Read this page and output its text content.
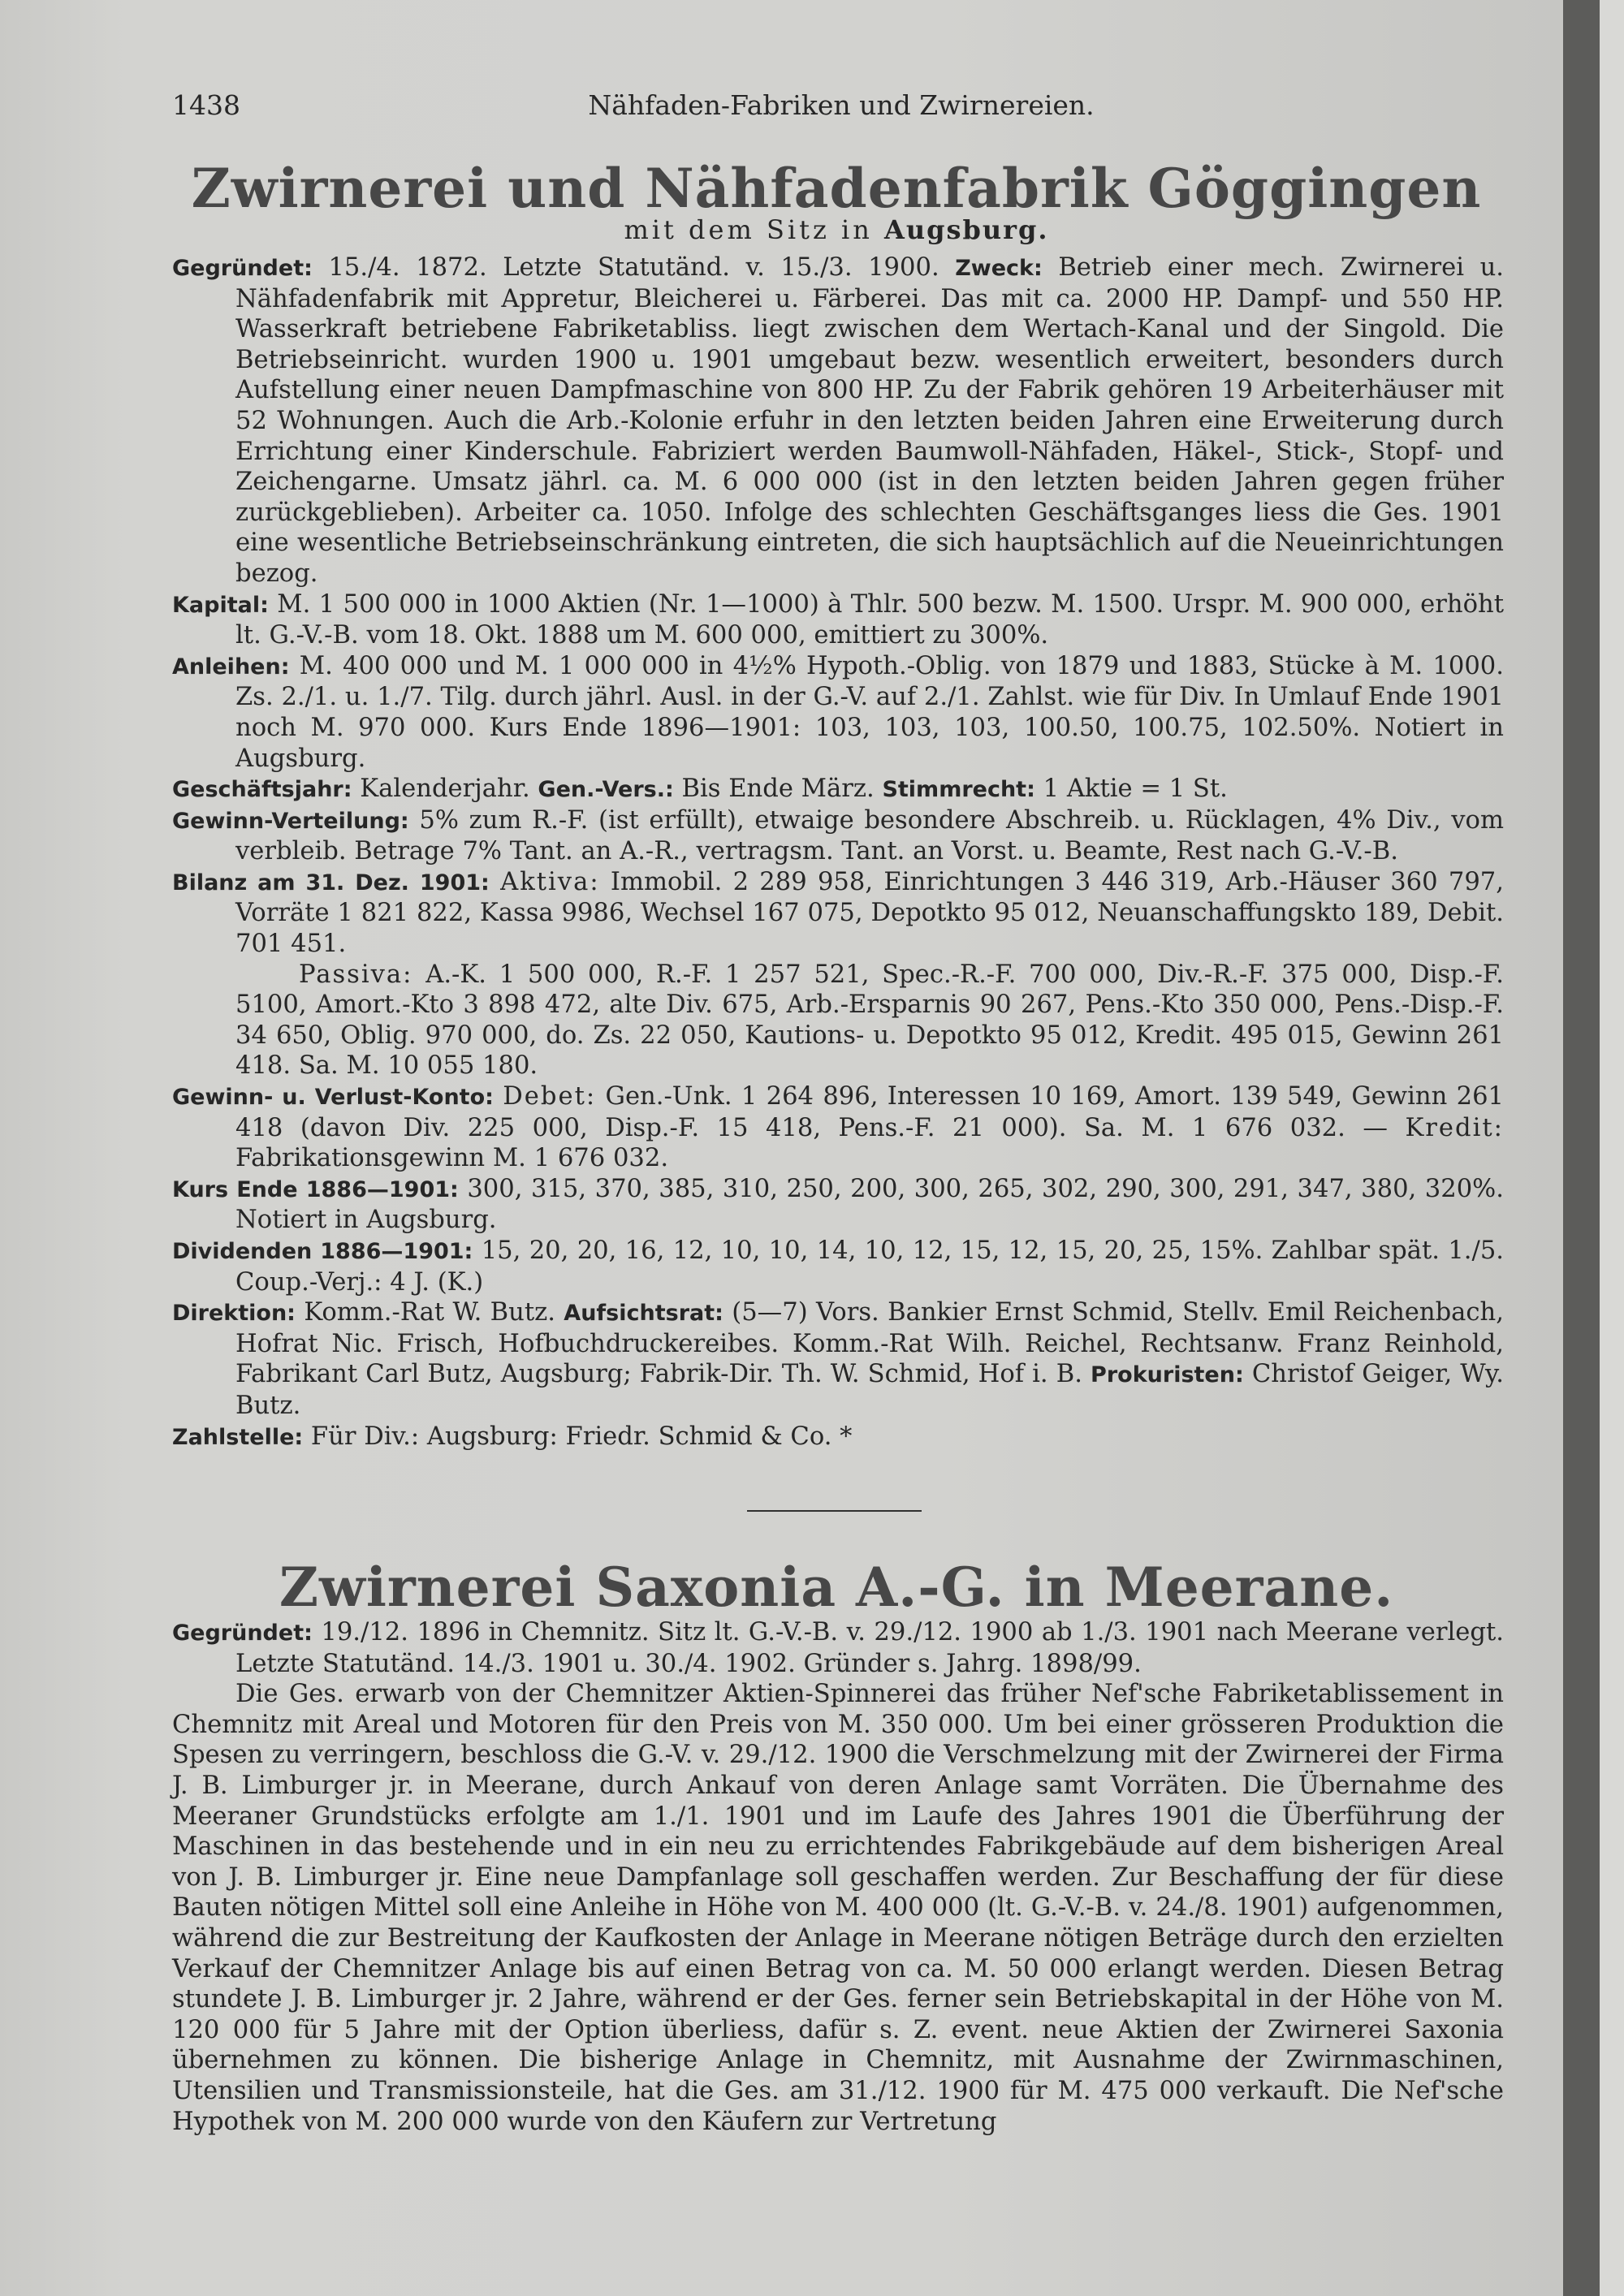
Nähfaden-Fabriken und Zwirnereien.
1438
Zwirnerei und Nähfadenfabrik Göggingen
mit dem Sitz in Augsburg.

Gegründet: 15./4. 1872. Letzte Statutänd. v. 15./3. 1900. Zweck: Betrieb einer mech. Zwirnerei u. Nähfadenfabrik mit Appretur, Bleicherei u. Färberei. Das mit ca. 2000 HP. Dampf- und 550 HP. Wasserkraft betriebene Fabriketabliss. liegt zwischen dem Wertach-Kanal und der Singold. Die Betriebseinricht. wurden 1900 u. 1901 umgebaut bezw. wesentlich erweitert, besonders durch Aufstellung einer neuen Dampfmaschine von 800 HP. Zu der Fabrik gehören 19 Arbeiterhäuser mit 52 Wohnungen. Auch die Arb.-Kolonie erfuhr in den letzten beiden Jahren eine Erweiterung durch Errichtung einer Kinderschule. Fabriziert werden Baumwoll-Nähfaden, Häkel-, Stick-, Stopf- und Zeichengarne. Umsatz jährl. ca. M. 6 000 000 (ist in den letzten beiden Jahren gegen früher zurückgeblieben). Arbeiter ca. 1050. Infolge des schlechten Geschäftsganges liess die Ges. 1901 eine wesentliche Betriebseinschränkung eintreten, die sich hauptsächlich auf die Neueinrichtungen bezog.

Kapital: M. 1 500 000 in 1000 Aktien (Nr. 1—1000) à Thlr. 500 bezw. M. 1500. Urspr. M. 900 000, erhöht lt. G.-V.-B. vom 18. Okt. 1888 um M. 600 000, emittiert zu 300%.

Anleihen: M. 400 000 und M. 1 000 000 in 4½% Hypoth.-Oblig. von 1879 und 1883, Stücke à M. 1000. Zs. 2./1. u. 1./7. Tilg. durch jährl. Ausl. in der G.-V. auf 2./1. Zahlst. wie für Div. In Umlauf Ende 1901 noch M. 970 000. Kurs Ende 1896—1901: 103, 103, 103, 100.50, 100.75, 102.50%. Notiert in Augsburg.

Geschäftsjahr: Kalenderjahr. Gen.-Vers.: Bis Ende März. Stimmrecht: 1 Aktie = 1 St.

Gewinn-Verteilung: 5% zum R.-F. (ist erfüllt), etwaige besondere Abschreib. u. Rücklagen, 4% Div., vom verbleib. Betrage 7% Tant. an A.-R., vertragsm. Tant. an Vorst. u. Beamte, Rest nach G.-V.-B.

Bilanz am 31. Dez. 1901: Aktiva: Immobil. 2 289 958, Einrichtungen 3 446 319, Arb.-Häuser 360 797, Vorräte 1 821 822, Kassa 9986, Wechsel 167 075, Depotkto 95 012, Neuanschaffungskto 189, Debit. 701 451.

Passiva: A.-K. 1 500 000, R.-F. 1 257 521, Spec.-R.-F. 700 000, Div.-R.-F. 375 000, Disp.-F. 5100, Amort.-Kto 3 898 472, alte Div. 675, Arb.-Ersparnis 90 267, Pens.-Kto 350 000, Pens.-Disp.-F. 34 650, Oblig. 970 000, do. Zs. 22 050, Kautions- u. Depotkto 95 012, Kredit. 495 015, Gewinn 261 418. Sa. M. 10 055 180.

Gewinn- u. Verlust-Konto: Debet: Gen.-Unk. 1 264 896, Interessen 10 169, Amort. 139 549, Gewinn 261 418 (davon Div. 225 000, Disp.-F. 15 418, Pens.-F. 21 000). Sa. M. 1 676 032. — Kredit: Fabrikationsgewinn M. 1 676 032.

Kurs Ende 1886—1901: 300, 315, 370, 385, 310, 250, 200, 300, 265, 302, 290, 300, 291, 347, 380, 320%. Notiert in Augsburg.

Dividenden 1886—1901: 15, 20, 20, 16, 12, 10, 10, 14, 10, 12, 15, 12, 15, 20, 25, 15%. Zahlbar spät. 1./5. Coup.-Verj.: 4 J. (K.)

Direktion: Komm.-Rat W. Butz. Aufsichtsrat: (5—7) Vors. Bankier Ernst Schmid, Stellv. Emil Reichenbach, Hofrat Nic. Frisch, Hofbuchdruckereibes. Komm.-Rat Wilh. Reichel, Rechtsanw. Franz Reinhold, Fabrikant Carl Butz, Augsburg; Fabrik-Dir. Th. W. Schmid, Hof i. B. Prokuristen: Christof Geiger, Wy. Butz.

Zahlstelle: Für Div.: Augsburg: Friedr. Schmid & Co. *

Zwirnerei Saxonia A.-G. in Meerane.

Gegründet: 19./12. 1896 in Chemnitz. Sitz lt. G.-V.-B. v. 29./12. 1900 ab 1./3. 1901 nach Meerane verlegt. Letzte Statutänd. 14./3. 1901 u. 30./4. 1902. Gründer s. Jahrg. 1898/99.

Die Ges. erwarb von der Chemnitzer Aktien-Spinnerei das früher Nef'sche Fabriketablissement in Chemnitz mit Areal und Motoren für den Preis von M. 350 000. Um bei einer grösseren Produktion die Spesen zu verringern, beschloss die G.-V. v. 29./12. 1900 die Verschmelzung mit der Zwirnerei der Firma J. B. Limburger jr. in Meerane, durch Ankauf von deren Anlage samt Vorräten. Die Übernahme des Meeraner Grundstücks erfolgte am 1./1. 1901 und im Laufe des Jahres 1901 die Überführung der Maschinen in das bestehende und in ein neu zu errichtendes Fabrikgebäude auf dem bisherigen Areal von J. B. Limburger jr. Eine neue Dampfanlage soll geschaffen werden. Zur Beschaffung der für diese Bauten nötigen Mittel soll eine Anleihe in Höhe von M. 400 000 (lt. G.-V.-B. v. 24./8. 1901) aufgenommen, während die zur Bestreitung der Kaufkosten der Anlage in Meerane nötigen Beträge durch den erzielten Verkauf der Chemnitzer Anlage bis auf einen Betrag von ca. M. 50 000 erlangt werden. Diesen Betrag stundete J. B. Limburger jr. 2 Jahre, während er der Ges. ferner sein Betriebskapital in der Höhe von M. 120 000 für 5 Jahre mit der Option überliess, dafür s. Z. event. neue Aktien der Zwirnerei Saxonia übernehmen zu können. Die bisherige Anlage in Chemnitz, mit Ausnahme der Zwirnmaschinen, Utensilien und Transmissionsteile, hat die Ges. am 31./12. 1900 für M. 475 000 verkauft. Die Nef'sche Hypothek von M. 200 000 wurde von den Käufern zur Vertretung
